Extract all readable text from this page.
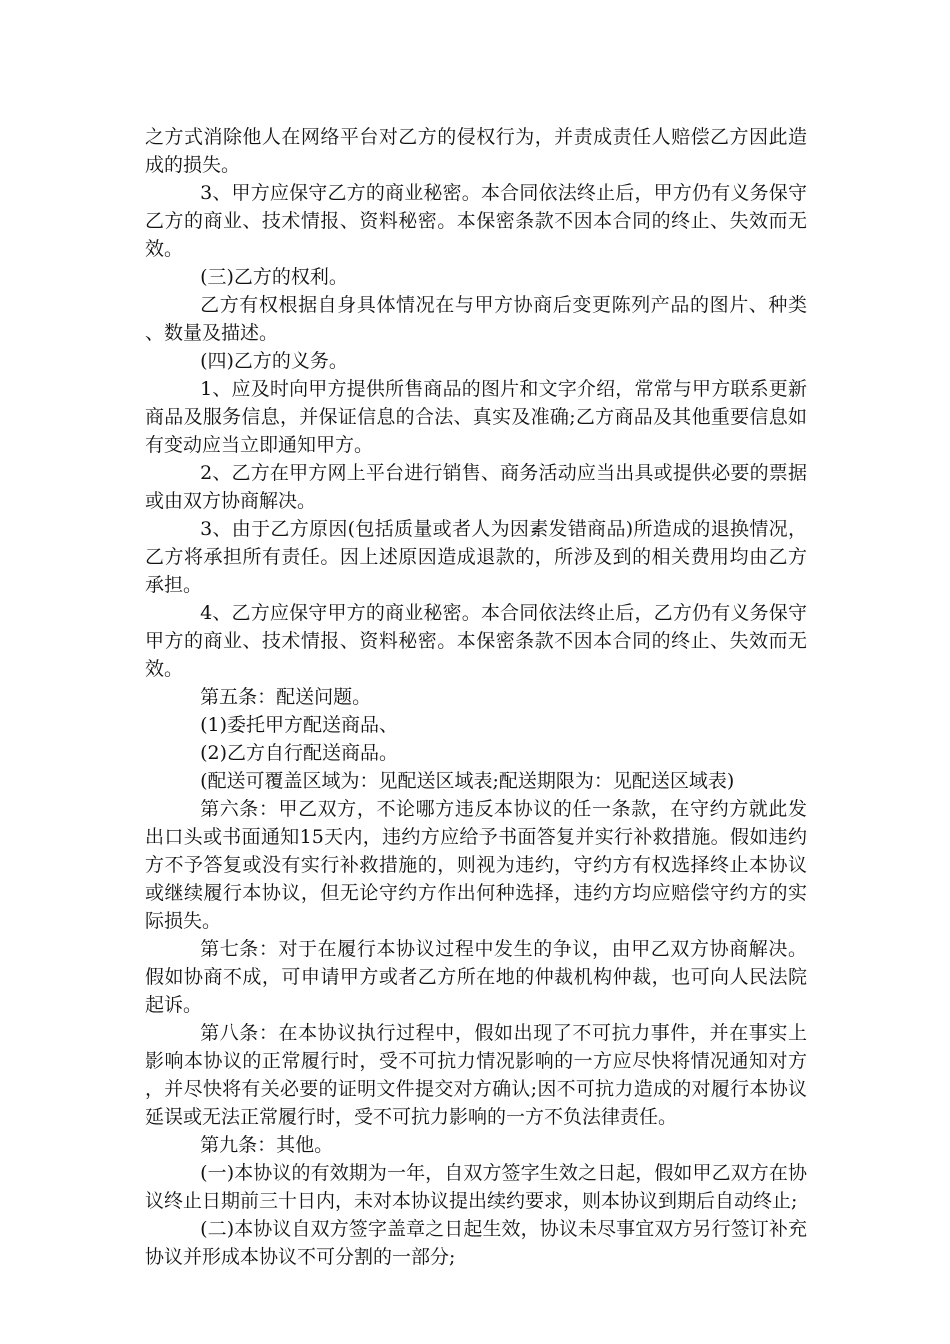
之方式消除他人在网络平台对乙方的侵权行为，并责成责任人赔偿乙方因此造成的损失。

3、甲方应保守乙方的商业秘密。本合同依法终止后，甲方仍有义务保守乙方的商业、技术情报、资料秘密。本保密条款不因本合同的终止、失效而无效。

(三)乙方的权利。

乙方有权根据自身具体情况在与甲方协商后变更陈列产品的图片、种类、数量及描述。

(四)乙方的义务。

1、应及时向甲方提供所售商品的图片和文字介绍，常常与甲方联系更新商品及服务信息，并保证信息的合法、真实及准确;乙方商品及其他重要信息如有变动应当立即通知甲方。

2、乙方在甲方网上平台进行销售、商务活动应当出具或提供必要的票据或由双方协商解决。

3、由于乙方原因(包括质量或者人为因素发错商品)所造成的退换情况，乙方将承担所有责任。因上述原因造成退款的，所涉及到的相关费用均由乙方承担。

4、乙方应保守甲方的商业秘密。本合同依法终止后，乙方仍有义务保守甲方的商业、技术情报、资料秘密。本保密条款不因本合同的终止、失效而无效。

第五条：配送问题。

(1)委托甲方配送商品、

(2)乙方自行配送商品。

(配送可覆盖区域为：见配送区域表;配送期限为：见配送区域表)

第六条：甲乙双方，不论哪方违反本协议的任一条款，在守约方就此发出口头或书面通知15天内，违约方应给予书面答复并实行补救措施。假如违约方不予答复或没有实行补救措施的，则视为违约，守约方有权选择终止本协议或继续履行本协议，但无论守约方作出何种选择，违约方均应赔偿守约方的实际损失。

第七条：对于在履行本协议过程中发生的争议，由甲乙双方协商解决。假如协商不成，可申请甲方或者乙方所在地的仲裁机构仲裁，也可向人民法院起诉。

第八条：在本协议执行过程中，假如出现了不可抗力事件，并在事实上影响本协议的正常履行时，受不可抗力情况影响的一方应尽快将情况通知对方，并尽快将有关必要的证明文件提交对方确认;因不可抗力造成的对履行本协议延误或无法正常履行时，受不可抗力影响的一方不负法律责任。

第九条：其他。

(一)本协议的有效期为一年，自双方签字生效之日起，假如甲乙双方在协议终止日期前三十日内，未对本协议提出续约要求，则本协议到期后自动终止;

(二)本协议自双方签字盖章之日起生效，协议未尽事宜双方另行签订补充协议并形成本协议不可分割的一部分;
